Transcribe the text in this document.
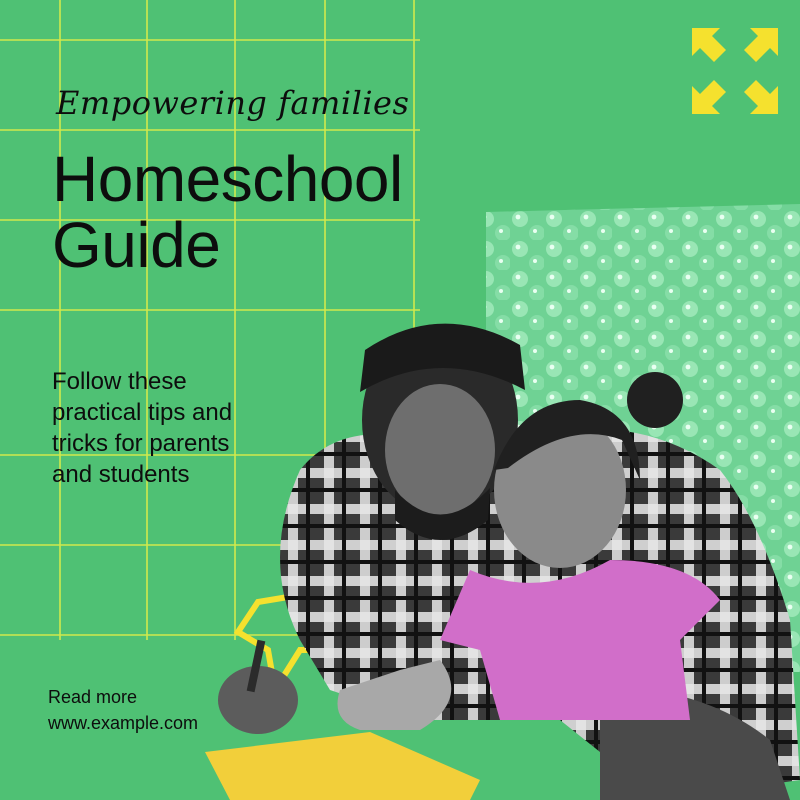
Empowering families
Homeschool
Guide
Follow these
practical tips and
tricks for parents
and students
Read more
www.example.com
